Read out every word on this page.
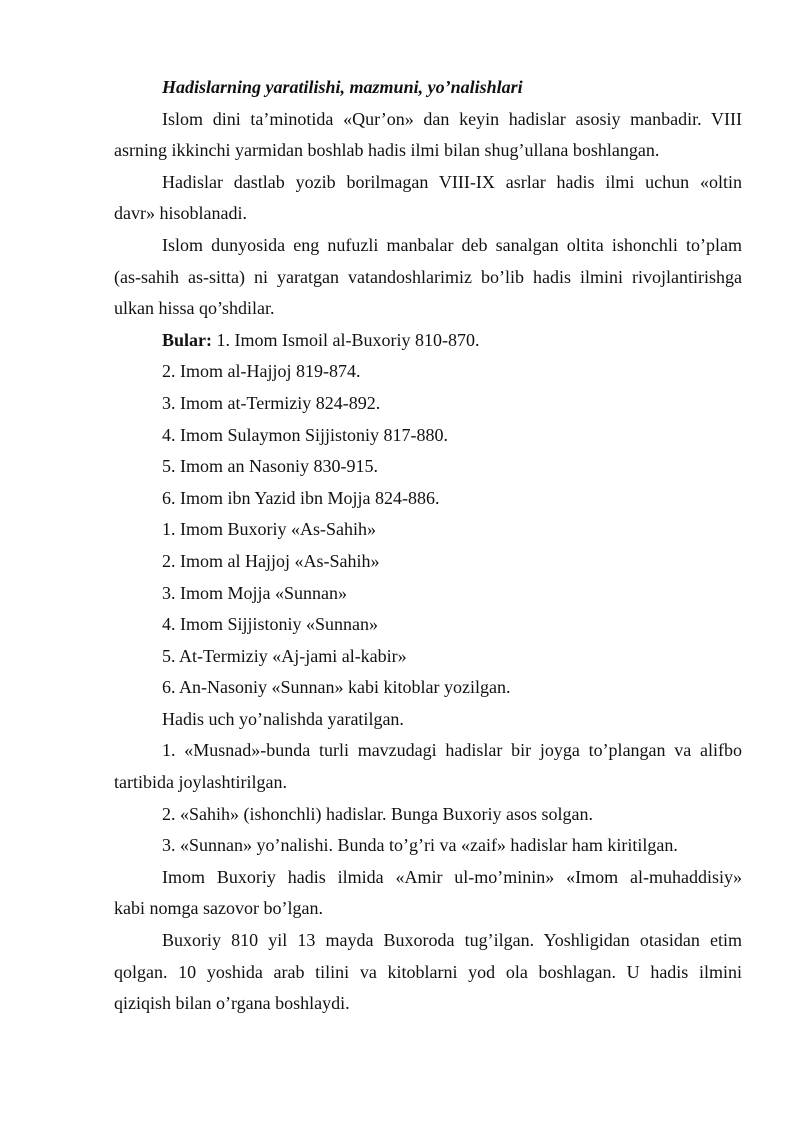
Hadislarning yaratilishi, mazmuni, yo’nalishlari
Islom dini ta’minotida «Qur’on» dan keyin hadislar asosiy manbadir. VIII
asrning ikkinchi yarmidan boshlab hadis ilmi bilan shug’ullana boshlangan.
Hadislar dastlab yozib borilmagan VIII-IX asrlar hadis ilmi uchun «oltin
davr» hisoblanadi.
Islom dunyosida eng nufuzli manbalar deb sanalgan oltita ishonchli to’plam
(as-sahih as-sitta) ni yaratgan vatandoshlarimiz bo’lib hadis ilmini rivojlantirishga
ulkan hissa qo’shdilar.
Bular: 1. Imom Ismoil al-Buxoriy 810-870.
2. Imom al-Hajjoj 819-874.
3. Imom at-Termiziy 824-892.
4. Imom Sulaymon Sijjistoniy 817-880.
5. Imom an Nasoniy 830-915.
6. Imom ibn Yazid ibn Mojja 824-886.
1. Imom Buxoriy «As-Sahih»
2. Imom al Hajjoj «As-Sahih»
3. Imom Mojja «Sunnan»
4. Imom Sijjistoniy «Sunnan»
5. At-Termiziy «Aj-jami al-kabir»
6. An-Nasoniy «Sunnan» kabi kitoblar yozilgan.
Hadis uch yo’nalishda yaratilgan.
1. «Musnad»-bunda turli mavzudagi hadislar bir joyga to’plangan va alifbo
tartibida joylashtirilgan.
2. «Sahih» (ishonchli) hadislar. Bunga Buxoriy asos solgan.
3. «Sunnan» yo’nalishi. Bunda to’g’ri va «zaif» hadislar ham kiritilgan.
Imom Buxoriy hadis ilmida «Amir ul-mo’minin» «Imom al-muhaddisiy»
kabi nomga sazovor bo’lgan.
Buxoriy 810 yil 13 mayda Buxoroda tug’ilgan. Yoshligidan otasidan etim
qolgan. 10 yoshida arab tilini va kitoblarni yod ola boshlagan. U hadis ilmini
qiziqish bilan o’rgana boshlaydi.
